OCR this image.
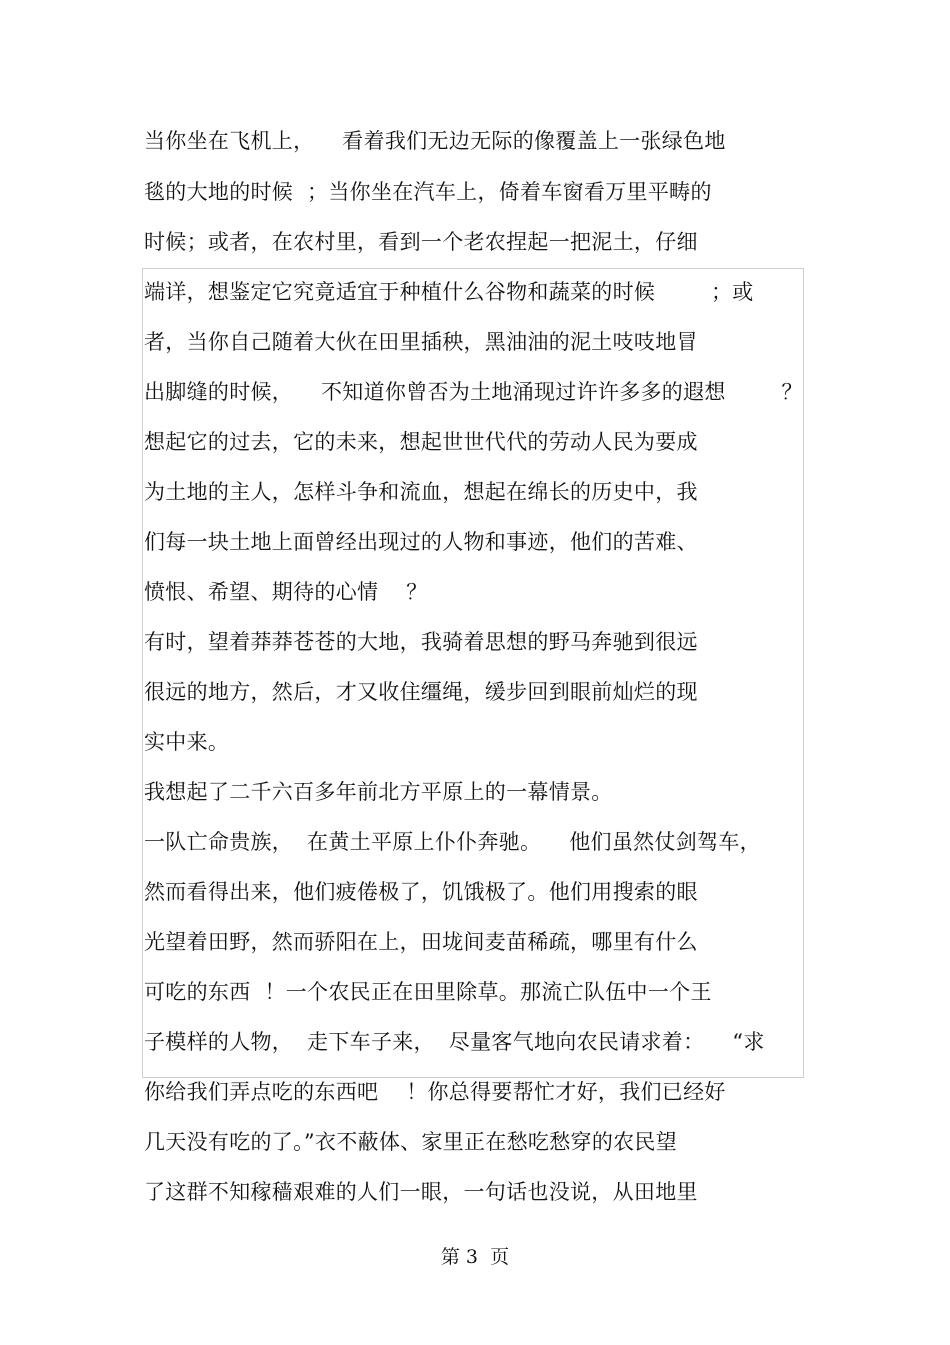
当你坐在飞机上，    看着我们无边无际的像覆盖上一张绿色地
毯的大地的时候  ；当你坐在汽车上，倚着车窗看万里平畴的
时候；或者，在农村里，看到一个老农捏起一把泥土，仔细
端详，想鉴定它究竟适宜于种植什么谷物和蔬菜的时候        ；或
者，当你自己随着大伙在田里插秧，黑油油的泥土吱吱地冒
出脚缝的时候，    不知道你曾否为土地涌现过许许多多的遐想        ？
想起它的过去，它的未来，想起世世代代的劳动人民为要成
为土地的主人，怎样斗争和流血，想起在绵长的历史中，我
们每一块土地上面曾经出现过的人物和事迹，他们的苦难、
愤恨、希望、期待的心情    ？
有时，望着莽莽苍苍的大地，我骑着思想的野马奔驰到很远
很远的地方，然后，才又收住缰绳，缓步回到眼前灿烂的现
实中来。
我想起了二千六百多年前北方平原上的一幕情景。
一队亡命贵族，  在黄土平原上仆仆奔驰。    他们虽然仗剑驾车，
然而看得出来，他们疲倦极了，饥饿极了。他们用搜索的眼
光望着田野，然而骄阳在上，田垅间麦苗稀疏，哪里有什么
可吃的东西  ！一个农民正在田里除草。那流亡队伍中一个王
子模样的人物，  走下车子来，  尽量客气地向农民请求着：    “求
你给我们弄点吃的东西吧    ！你总得要帮忙才好，我们已经好
几天没有吃的了。”衣不蔽体、家里正在愁吃愁穿的农民望
了这群不知稼穑艰难的人们一眼，一句话也没说，从田地里
第 3  页
